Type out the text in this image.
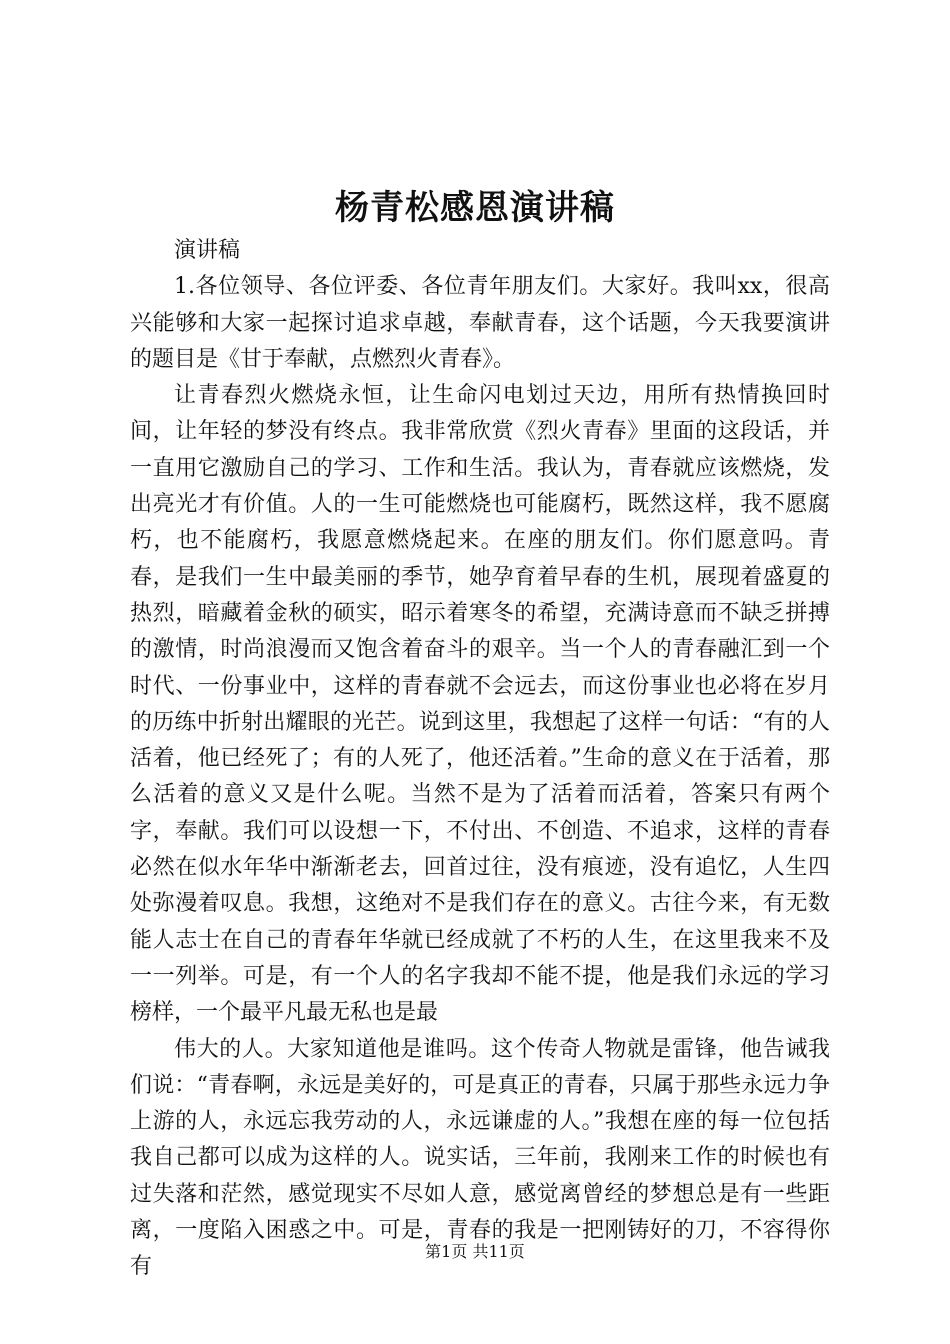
杨青松感恩演讲稿

演讲稿

1.各位领导、各位评委、各位青年朋友们。大家好。我叫xx，很高兴能够和大家一起探讨追求卓越，奉献青春，这个话题，今天我要演讲的题目是《甘于奉献，点燃烈火青春》。

让青春烈火燃烧永恒，让生命闪电划过天边，用所有热情换回时间，让年轻的梦没有终点。我非常欣赏《烈火青春》里面的这段话，并一直用它激励自己的学习、工作和生活。我认为，青春就应该燃烧，发出亮光才有价值。人的一生可能燃烧也可能腐朽，既然这样，我不愿腐朽，也不能腐朽，我愿意燃烧起来。在座的朋友们。你们愿意吗。青春，是我们一生中最美丽的季节，她孕育着早春的生机，展现着盛夏的热烈，暗藏着金秋的硕实，昭示着寒冬的希望，充满诗意而不缺乏拼搏的激情，时尚浪漫而又饱含着奋斗的艰辛。当一个人的青春融汇到一个时代、一份事业中，这样的青春就不会远去，而这份事业也必将在岁月的历练中折射出耀眼的光芒。说到这里，我想起了这样一句话：“有的人活着，他已经死了；有的人死了，他还活着。”生命的意义在于活着，那么活着的意义又是什么呢。当然不是为了活着而活着，答案只有两个字，奉献。我们可以设想一下，不付出、不创造、不追求，这样的青春必然在似水年华中渐渐老去，回首过往，没有痕迹，没有追忆，人生四处弥漫着叹息。我想，这绝对不是我们存在的意义。古往今来，有无数能人志士在自己的青春年华就已经成就了不朽的人生，在这里我来不及一一列举。可是，有一个人的名字我却不能不提，他是我们永远的学习榜样，一个最平凡最无私也是最

伟大的人。大家知道他是谁吗。这个传奇人物就是雷锋，他告诫我们说：“青春啊，永远是美好的，可是真正的青春，只属于那些永远力争上游的人，永远忘我劳动的人，永远谦虚的人。”我想在座的每一位包括我自己都可以成为这样的人。说实话，三年前，我刚来工作的时候也有过失落和茫然，感觉现实不尽如人意，感觉离曾经的梦想总是有一些距离，一度陷入困惑之中。可是，青春的我是一把刚铸好的刀，不容得你有

第1页 共11页
